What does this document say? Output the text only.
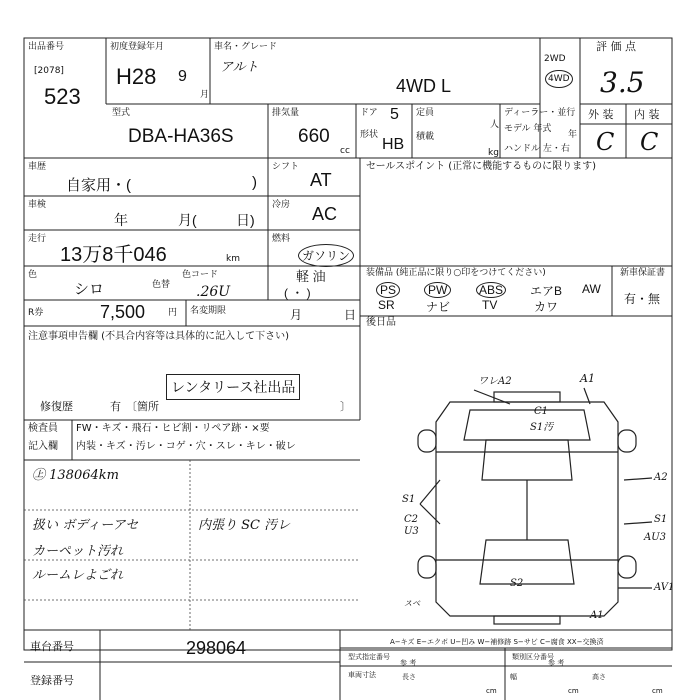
出品番号
[2078]
523
初度登録年月
H28 9
月
車名・グレード
アルト
4WD L
2WD
4WD
評 価 点
3.5
外 装 内 装
C C
型式
DBA-HA36S
排気量
660
cc
ドア 5
形状
HB
定員
人
積載
kg
ディーラー・並行
モデル 年式
年
ハンドル 左・右
車歴
自家用・(	)
シフト
AT
車検
年	月(	日)
冷房 AC
走行
13万8千046	km
燃料
ガソリン
軽 油
( ・ )
色
シロ	色替
色コード
.26U
R券	7,500	円 名変期限	月	日
セールスポイント (正常に機能するものに限ります)
装備品 (純正品に限り○印をつけてください)
PS	PW	ABS エアB AW
SR	ナビ	TV	カワ
新車保証書
有・無
後日品
注意事項申告欄 (不具合内容等は具体的に記入して下さい)
レンタリース社出品
修復歴	有 〔箇所	〕
検査員 FW・キズ・飛石・ヒビ割・リペア跡・×要
記入欄 内装・キズ・汚レ・コゲ・穴・スレ・キレ・破レ
㊤ 138064km
扱い ボディーアセ
カーペット汚れ
ルームレよごれ
内張り SC 汚レ
ワレA2	A1
C1
S1汚
A2
S1
C2
U3
S1
AU3
S2	AV1
A1
スベ
車台番号	298064
登録番号
A−キズ E−エクボ U−凹み W−補修跡 S−サビ C−腐食 XX−交換済
型式指定番号
参 考
類別区分番号
参 考
車両寸法	長さ
cm
幅
cm
高さ
cm
